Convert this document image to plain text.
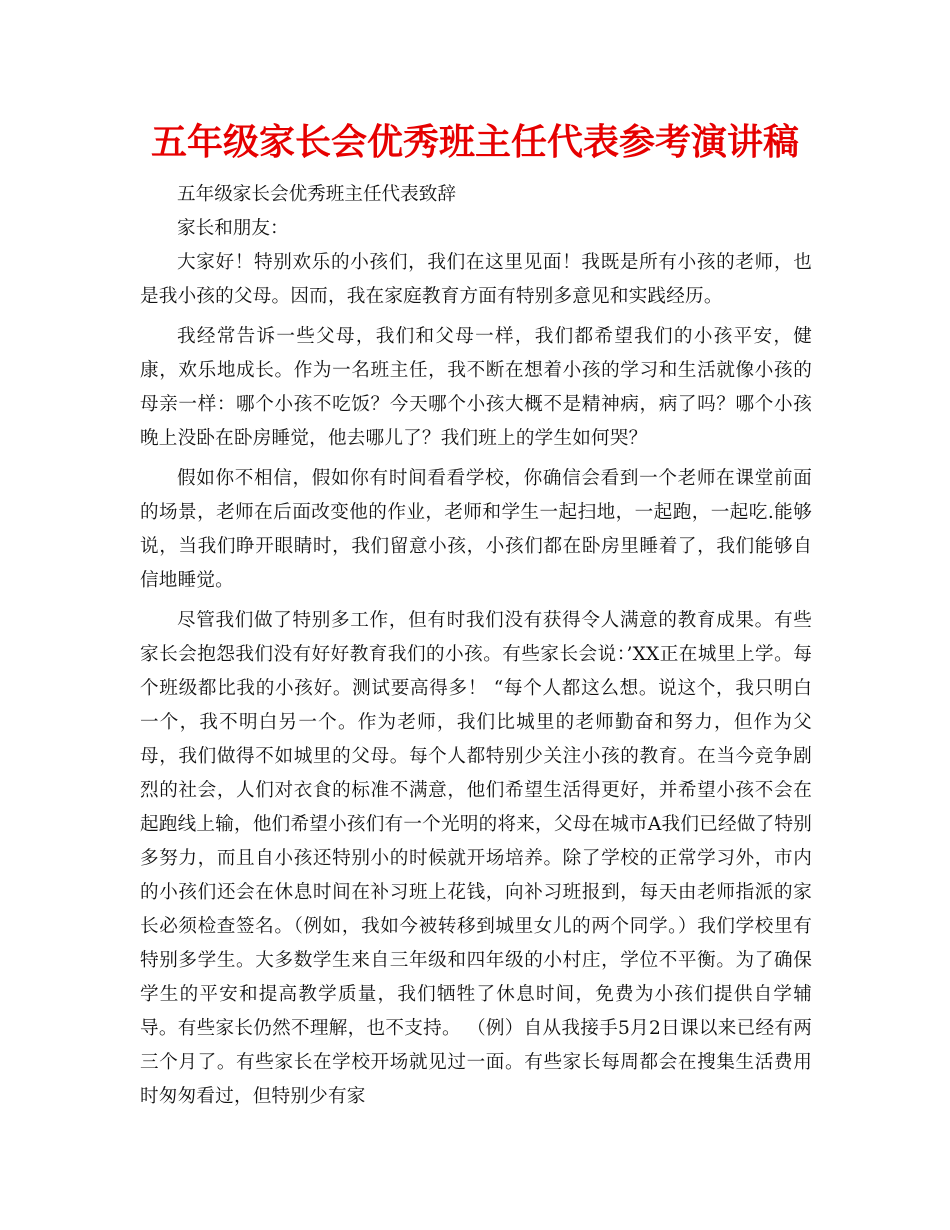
五年级家长会优秀班主任代表参考演讲稿

五年级家长会优秀班主任代表致辞

家长和朋友：

大家好！特别欢乐的小孩们，我们在这里见面！我既是所有小孩的老师，也是我小孩的父母。因而，我在家庭教育方面有特别多意见和实践经历。

我经常告诉一些父母，我们和父母一样，我们都希望我们的小孩平安，健康，欢乐地成长。作为一名班主任，我不断在想着小孩的学习和生活就像小孩的母亲一样：哪个小孩不吃饭？今天哪个小孩大概不是精神病，病了吗？哪个小孩晚上没卧在卧房睡觉，他去哪儿了？我们班上的学生如何哭？

假如你不相信，假如你有时间看看学校，你确信会看到一个老师在课堂前面的场景，老师在后面改变他的作业，老师和学生一起扫地，一起跑，一起吃.能够说，当我们睁开眼睛时，我们留意小孩，小孩们都在卧房里睡着了，我们能够自信地睡觉。

尽管我们做了特别多工作，但有时我们没有获得令人满意的教育成果。有些家长会抱怨我们没有好好教育我们的小孩。有些家长会说：’XX正在城里上学。每个班级都比我的小孩好。测试要高得多！ “每个人都这么想。说这个，我只明白一个，我不明白另一个。作为老师，我们比城里的老师勤奋和努力，但作为父母，我们做得不如城里的父母。每个人都特别少关注小孩的教育。在当今竞争剧烈的社会，人们对衣食的标准不满意，他们希望生活得更好，并希望小孩不会在起跑线上输，他们希望小孩们有一个光明的将来，父母在城市A我们已经做了特别多努力，而且自小孩还特别小的时候就开场培养。除了学校的正常学习外，市内的小孩们还会在休息时间在补习班上花钱，向补习班报到，每天由老师指派的家长必须检查签名。（例如，我如今被转移到城里女儿的两个同学。）我们学校里有特别多学生。大多数学生来自三年级和四年级的小村庄，学位不平衡。为了确保学生的平安和提高教学质量，我们牺牲了休息时间，免费为小孩们提供自学辅导。有些家长仍然不理解，也不支持。 （例）自从我接手5月2日课以来已经有两三个月了。有些家长在学校开场就见过一面。有些家长每周都会在搜集生活费用时匆匆看过，但特别少有家
